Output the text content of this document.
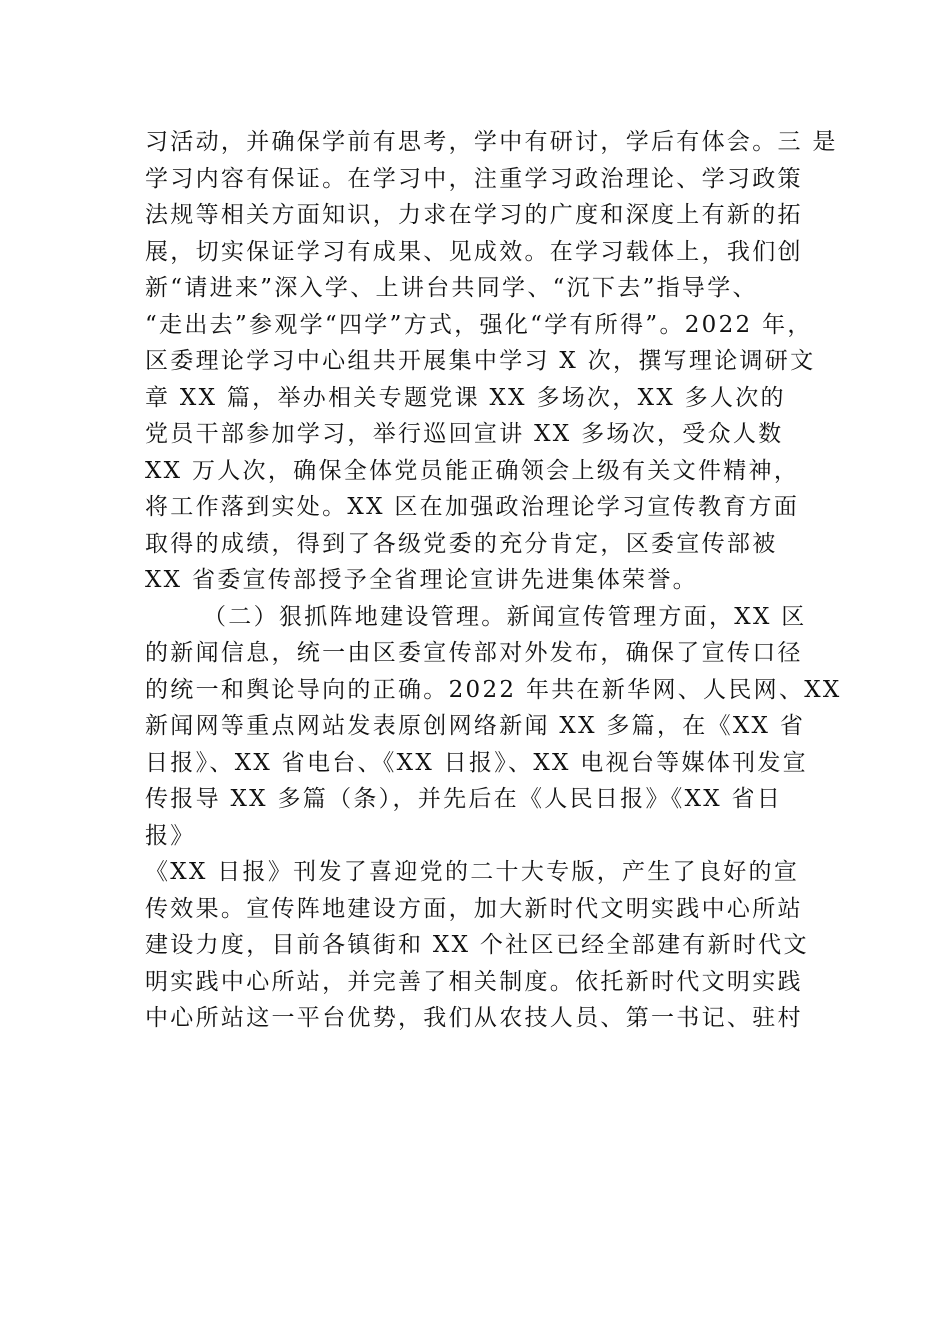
习活动，并确保学前有思考，学中有研讨，学后有体会。三 是
学习内容有保证。在学习中，注重学习政治理论、学习政策
法规等相关方面知识，力求在学习的广度和深度上有新的拓
展，切实保证学习有成果、见成效。在学习载体上，我们创
新“请进来”深入学、上讲台共同学、“沉下去”指导学、
“走出去”参观学“四学”方式，强化“学有所得”。2022 年，
区委理论学习中心组共开展集中学习 X 次，撰写理论调研文
章 XX 篇，举办相关专题党课 XX 多场次，XX 多人次的
党员干部参加学习，举行巡回宣讲 XX 多场次，受众人数
XX 万人次，确保全体党员能正确领会上级有关文件精神，
将工作落到实处。XX 区在加强政治理论学习宣传教育方面
取得的成绩，得到了各级党委的充分肯定，区委宣传部被
XX 省委宣传部授予全省理论宣讲先进集体荣誉。
（二）狠抓阵地建设管理。新闻宣传管理方面，XX 区
的新闻信息，统一由区委宣传部对外发布，确保了宣传口径
的统一和舆论导向的正确。2022 年共在新华网、人民网、XX
新闻网等重点网站发表原创网络新闻 XX 多篇，在《XX 省
日报》、XX 省电台、《XX 日报》、XX 电视台等媒体刊发宣
传报导 XX 多篇（条），并先后在《人民日报》《XX 省日
报》
《XX 日报》刊发了喜迎党的二十大专版，产生了良好的宣
传效果。宣传阵地建设方面，加大新时代文明实践中心所站
建设力度，目前各镇街和 XX 个社区已经全部建有新时代文
明实践中心所站，并完善了相关制度。依托新时代文明实践
中心所站这一平台优势，我们从农技人员、第一书记、驻村
